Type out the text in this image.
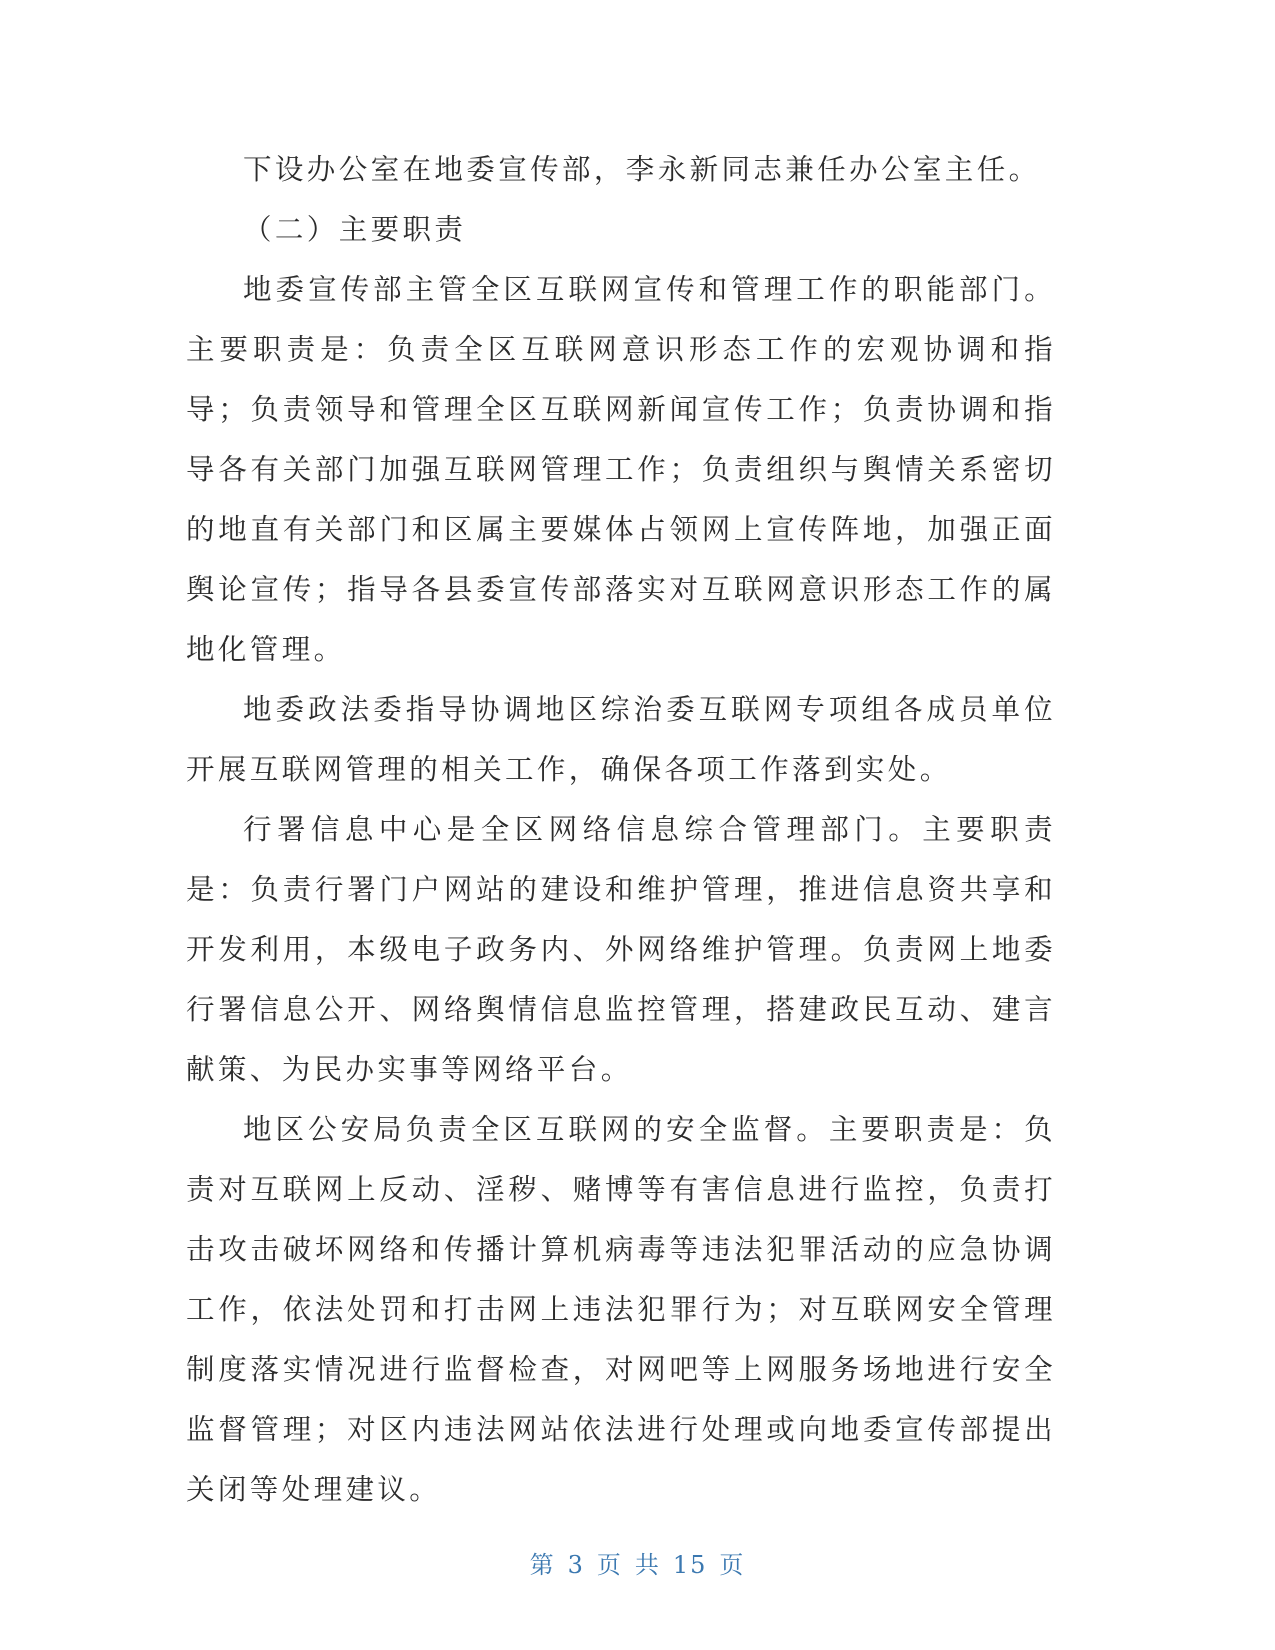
下设办公室在地委宣传部，李永新同志兼任办公室主任。

（二）主要职责

地委宣传部主管全区互联网宣传和管理工作的职能部门。主要职责是：负责全区互联网意识形态工作的宏观协调和指导；负责领导和管理全区互联网新闻宣传工作；负责协调和指导各有关部门加强互联网管理工作；负责组织与舆情关系密切的地直有关部门和区属主要媒体占领网上宣传阵地，加强正面舆论宣传；指导各县委宣传部落实对互联网意识形态工作的属地化管理。

地委政法委指导协调地区综治委互联网专项组各成员单位开展互联网管理的相关工作，确保各项工作落到实处。

行署信息中心是全区网络信息综合管理部门。主要职责是：负责行署门户网站的建设和维护管理，推进信息资共享和开发利用，本级电子政务内、外网络维护管理。负责网上地委行署信息公开、网络舆情信息监控管理，搭建政民互动、建言献策、为民办实事等网络平台。

地区公安局负责全区互联网的安全监督。主要职责是：负责对互联网上反动、淫秽、赌博等有害信息进行监控，负责打击攻击破坏网络和传播计算机病毒等违法犯罪活动的应急协调工作，依法处罚和打击网上违法犯罪行为；对互联网安全管理制度落实情况进行监督检查，对网吧等上网服务场地进行安全监督管理；对区内违法网站依法进行处理或向地委宣传部提出关闭等处理建议。

第 3 页 共 15 页
